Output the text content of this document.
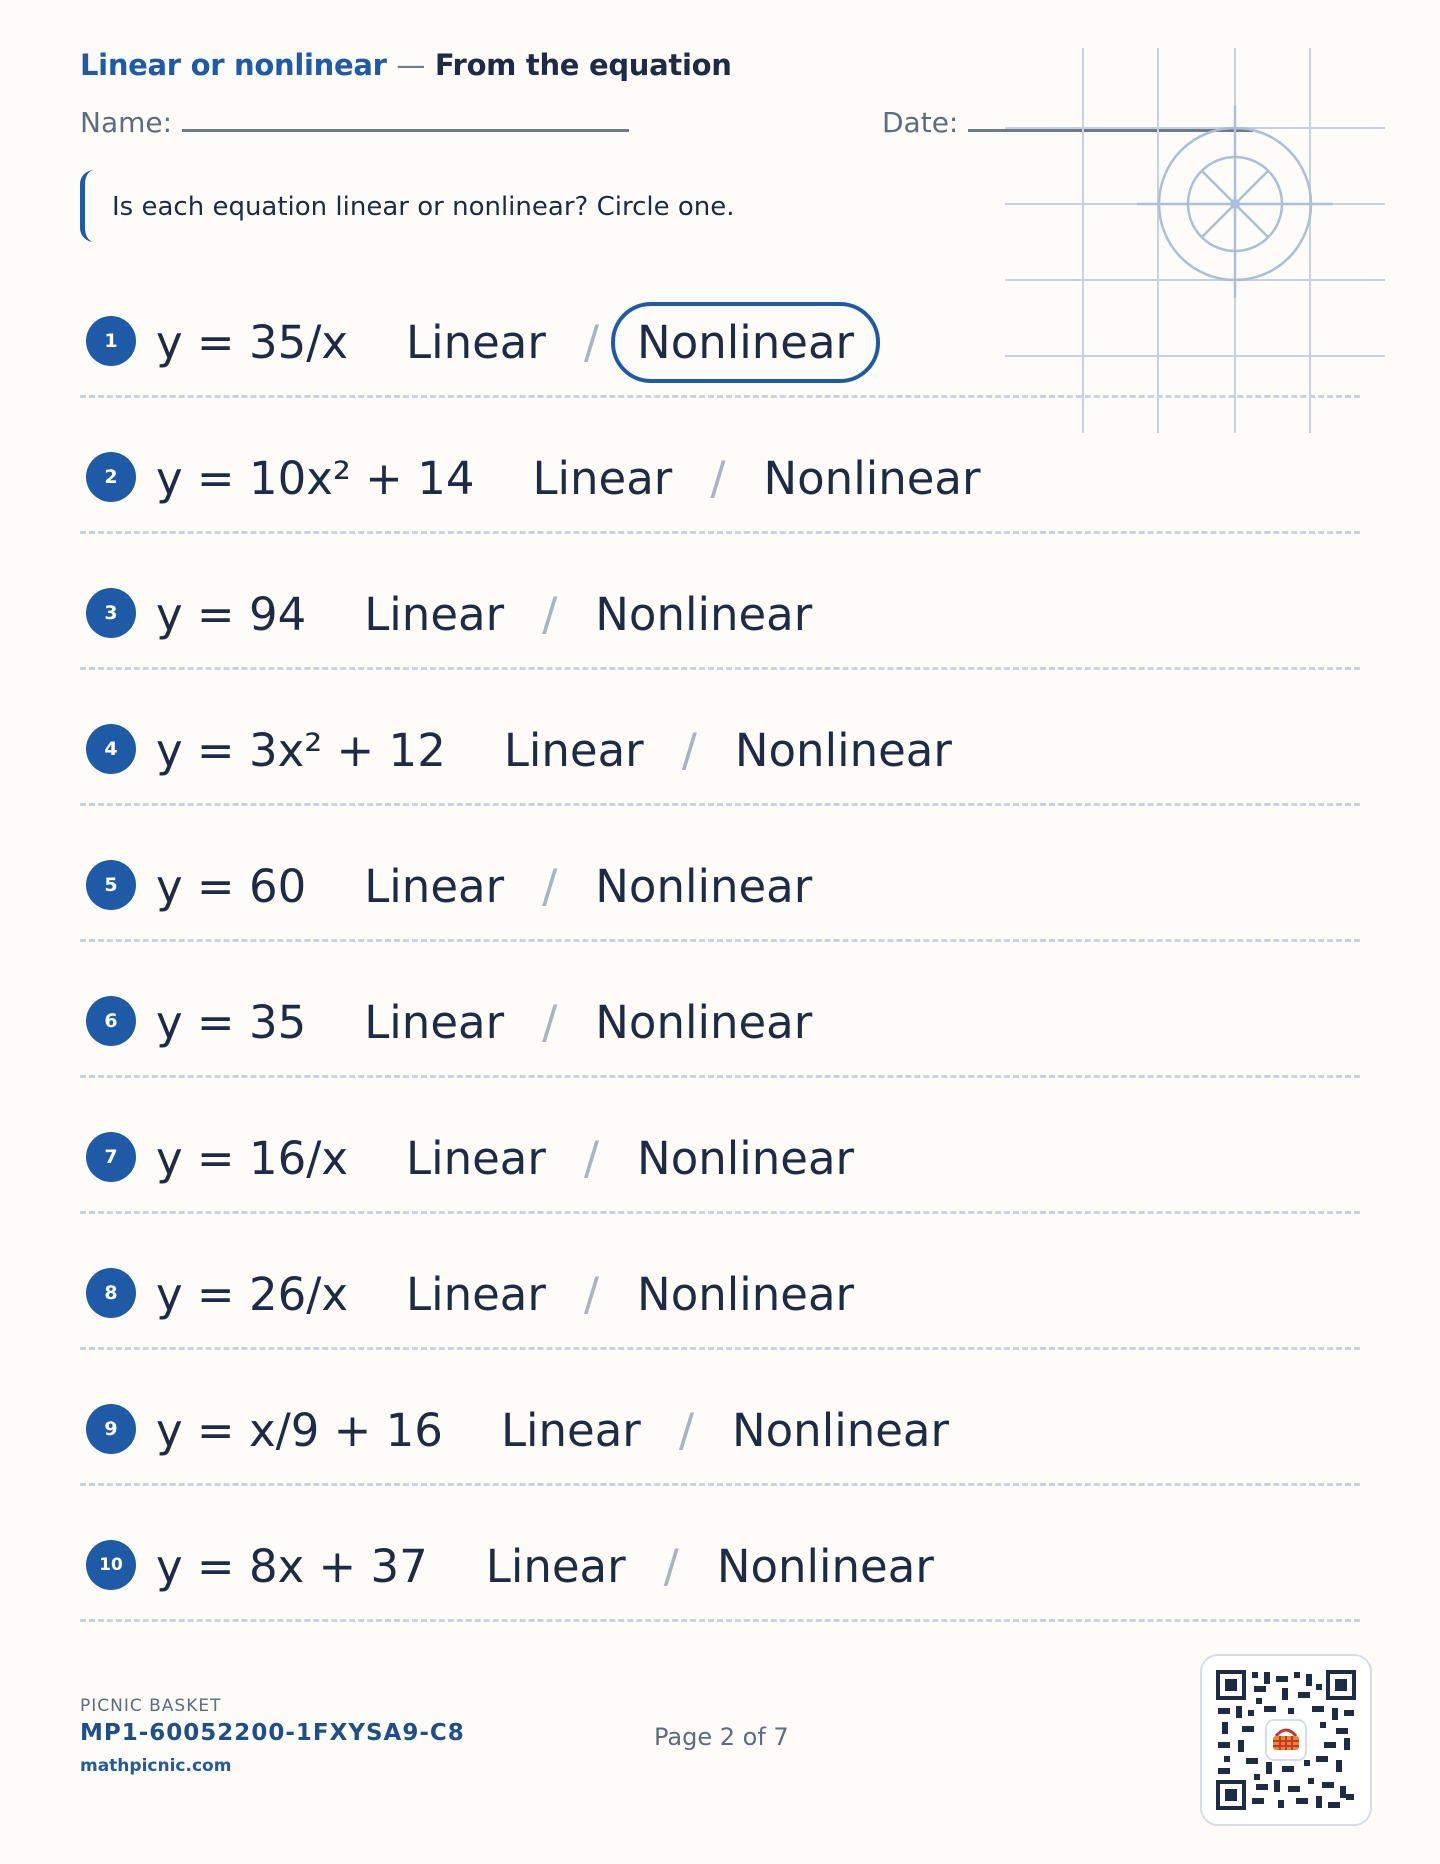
Linear or nonlinear — From the equation
Name:	Date:
Is each equation linear or nonlinear? Circle one.
1 y = 35/x Linear / Nonlinear
2 y = 10x² + 14 Linear / Nonlinear
3 y = 94 Linear / Nonlinear
4 y = 3x² + 12 Linear / Nonlinear
5 y = 60 Linear / Nonlinear
6 y = 35 Linear / Nonlinear
7 y = 16/x Linear / Nonlinear
8 y = 26/x Linear / Nonlinear
9 y = x/9 + 16 Linear / Nonlinear
10 y = 8x + 37 Linear / Nonlinear
PICNIC BASKET
MP1-60052200-1FXYSA9-C8
mathpicnic.com
Page 2 of 7
